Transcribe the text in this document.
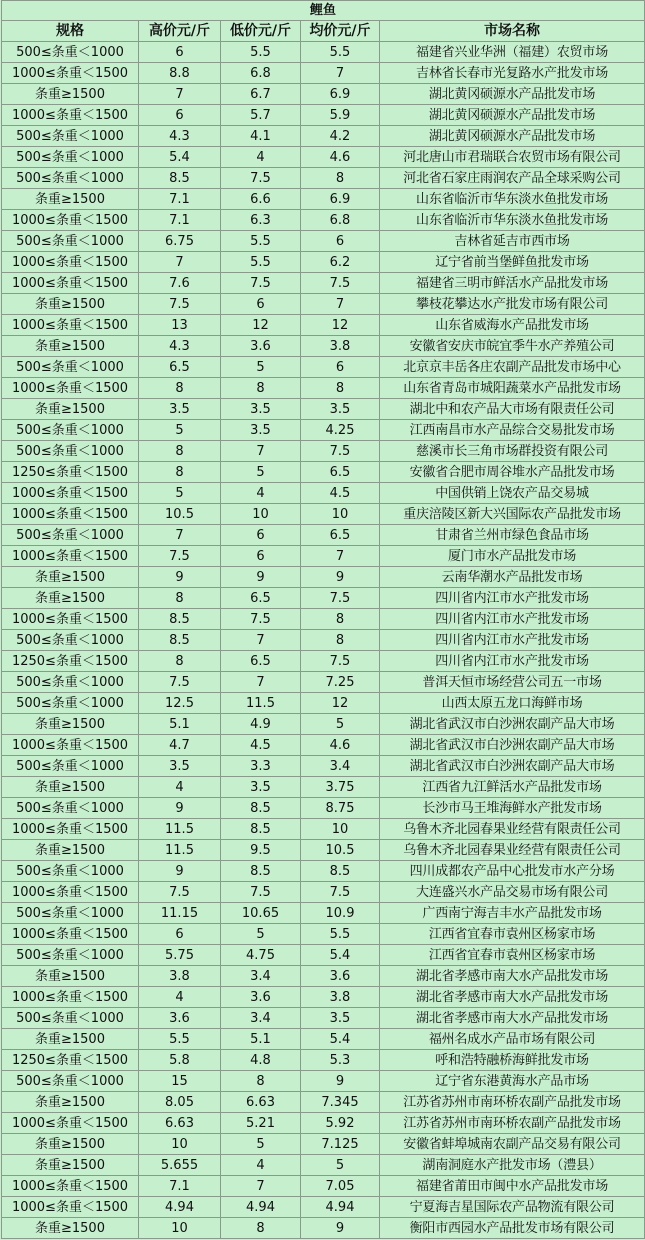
鲤鱼				
规格	高价元/斤	低价元/斤	均价元/斤	市场名称
500≤条重＜1000	6	5.5	5.5	福建省兴业华洲（福建）农贸市场
1000≤条重＜1500	8.8	6.8	7	吉林省长春市光复路水产批发市场
条重≥1500	7	6.7	6.9	湖北黄冈硕源水产品批发市场
1000≤条重＜1500	6	5.7	5.9	湖北黄冈硕源水产品批发市场
500≤条重＜1000	4.3	4.1	4.2	湖北黄冈硕源水产品批发市场
500≤条重＜1000	5.4	4	4.6	河北唐山市君瑞联合农贸市场有限公司
500≤条重＜1000	8.5	7.5	8	河北省石家庄雨润农产品全球采购公司
条重≥1500	7.1	6.6	6.9	山东省临沂市华东淡水鱼批发市场
1000≤条重＜1500	7.1	6.3	6.8	山东省临沂市华东淡水鱼批发市场
500≤条重＜1000	6.75	5.5	6	吉林省延吉市西市场
1000≤条重＜1500	7	5.5	6.2	辽宁省前当堡鲜鱼批发市场
1000≤条重＜1500	7.6	7.5	7.5	福建省三明市鲜活水产品批发市场
条重≥1500	7.5	6	7	攀枝花攀达水产批发市场有限公司
1000≤条重＜1500	13	12	12	山东省威海水产品批发市场
条重≥1500	4.3	3.6	3.8	安徽省安庆市皖宜季牛水产养殖公司
500≤条重＜1000	6.5	5	6	北京京丰岳各庄农副产品批发市场中心
1000≤条重＜1500	8	8	8	山东省青岛市城阳蔬菜水产品批发市场
条重≥1500	3.5	3.5	3.5	湖北中和农产品大市场有限责任公司
500≤条重＜1000	5	3.5	4.25	江西南昌市水产品综合交易批发市场
500≤条重＜1000	8	7	7.5	慈溪市长三角市场群投资有限公司
1250≤条重＜1500	8	5	6.5	安徽省合肥市周谷堆水产品批发市场
1000≤条重＜1500	5	4	4.5	中国供销上饶农产品交易城
1000≤条重＜1500	10.5	10	10	重庆涪陵区新大兴国际农产品批发市场
500≤条重＜1000	7	6	6.5	甘肃省兰州市绿色食品市场
1000≤条重＜1500	7.5	6	7	厦门市水产品批发市场
条重≥1500	9	9	9	云南华潮水产品批发市场
条重≥1500	8	6.5	7.5	四川省内江市水产批发市场
1000≤条重＜1500	8.5	7.5	8	四川省内江市水产批发市场
500≤条重＜1000	8.5	7	8	四川省内江市水产批发市场
1250≤条重＜1500	8	6.5	7.5	四川省内江市水产批发市场
500≤条重＜1000	7.5	7	7.25	普洱天恒市场经营公司五一市场
500≤条重＜1000	12.5	11.5	12	山西太原五龙口海鲜市场
条重≥1500	5.1	4.9	5	湖北省武汉市白沙洲农副产品大市场
1000≤条重＜1500	4.7	4.5	4.6	湖北省武汉市白沙洲农副产品大市场
500≤条重＜1000	3.5	3.3	3.4	湖北省武汉市白沙洲农副产品大市场
条重≥1500	4	3.5	3.75	江西省九江鲜活水产品批发市场
500≤条重＜1000	9	8.5	8.75	长沙市马王堆海鲜水产批发市场
1000≤条重＜1500	11.5	8.5	10	乌鲁木齐北园春果业经营有限责任公司
条重≥1500	11.5	9.5	10.5	乌鲁木齐北园春果业经营有限责任公司
500≤条重＜1000	9	8.5	8.5	四川成都农产品中心批发市水产分场
1000≤条重＜1500	7.5	7.5	7.5	大连盛兴水产品交易市场有限公司
500≤条重＜1000	11.15	10.65	10.9	广西南宁海吉丰水产品批发市场
1000≤条重＜1500	6	5	5.5	江西省宜春市袁州区杨家市场
500≤条重＜1000	5.75	4.75	5.4	江西省宜春市袁州区杨家市场
条重≥1500	3.8	3.4	3.6	湖北省孝感市南大水产品批发市场
1000≤条重＜1500	4	3.6	3.8	湖北省孝感市南大水产品批发市场
500≤条重＜1000	3.6	3.4	3.5	湖北省孝感市南大水产品批发市场
条重≥1500	5.5	5.1	5.4	福州名成水产品市场有限公司
1250≤条重＜1500	5.8	4.8	5.3	呼和浩特融桥海鲜批发市场
500≤条重＜1000	15	8	9	辽宁省东港黄海水产品市场
条重≥1500	8.05	6.63	7.345	江苏省苏州市南环桥农副产品批发市场
1000≤条重＜1500	6.63	5.21	5.92	江苏省苏州市南环桥农副产品批发市场
条重≥1500	10	5	7.125	安徽省蚌埠城南农副产品交易有限公司
条重≥1500	5.655	4	5	湖南洞庭水产批发市场（澧县）
1000≤条重＜1500	7.1	7	7.05	福建省莆田市闽中水产品批发市场
1000≤条重＜1500	4.94	4.94	4.94	宁夏海吉星国际农产品物流有限公司
条重≥1500	10	8	9	衡阳市西园水产品批发市场有限公司
